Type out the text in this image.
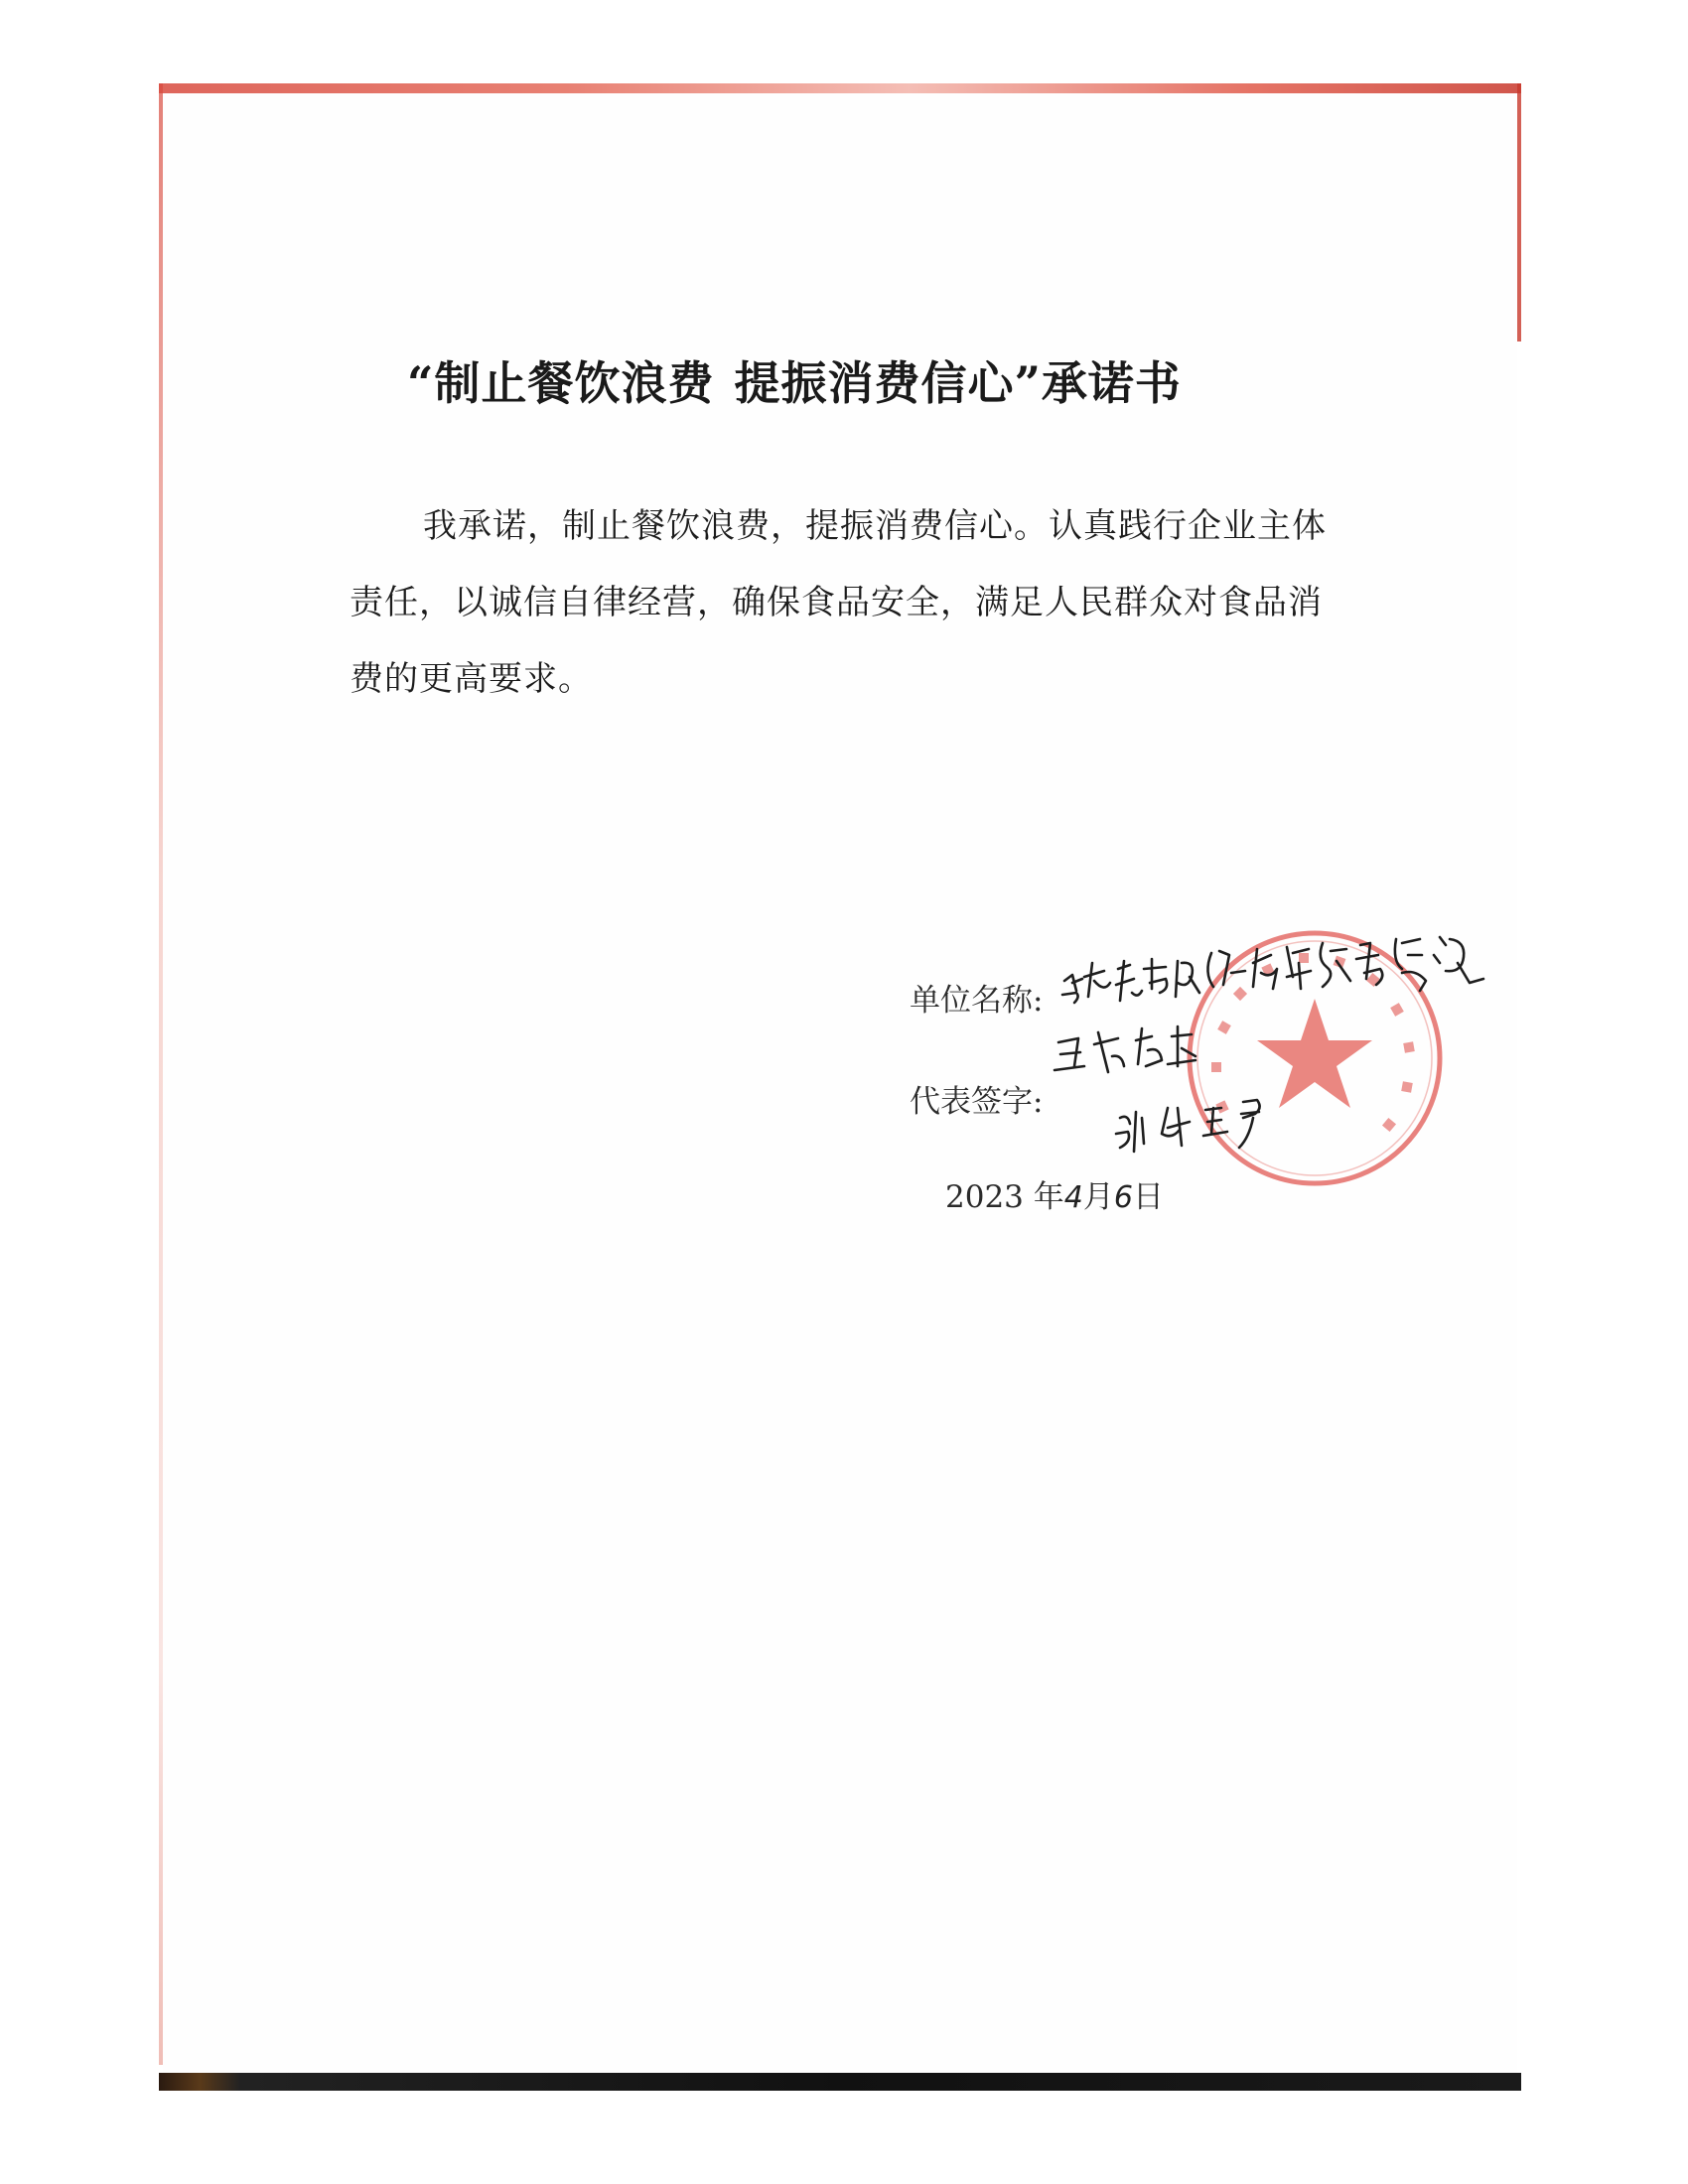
“制止餐饮浪费 提振消费信心”承诺书
我承诺，制止餐饮浪费，提振消费信心。认真践行企业主体责任，以诚信自律经营，确保食品安全，满足人民群众对食品消费的更高要求。
单位名称:
代表签字:
2023 年4月6日
